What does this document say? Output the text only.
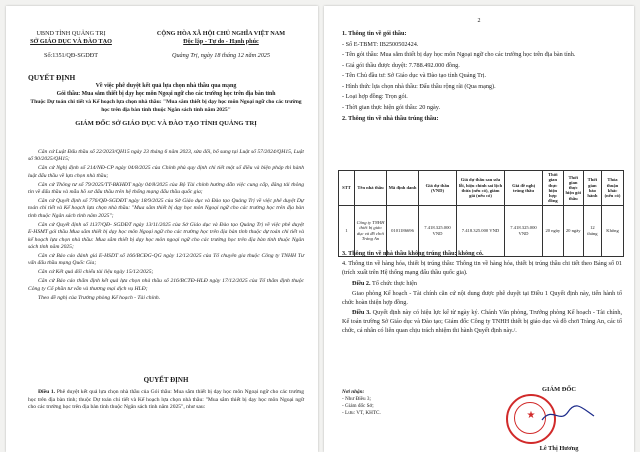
UBND TỈNH QUẢNG TRỊ
SỞ GIÁO DỤC VÀ ĐÀO TẠO
Số:1351/QĐ-SGDĐT
CỘNG HÒA XÃ HỘI CHỦ NGHĨA VIỆT NAM
Độc lập - Tự do - Hạnh phúc
Quảng Trị, ngày 18 tháng 12 năm 2025
QUYẾT ĐỊNH
Về việc phê duyệt kết quả lựa chọn nhà thầu qua mạng
Gói thầu: Mua sắm thiết bị dạy học môn Ngoại ngữ cho các trường học trên địa bàn tỉnh
Thuộc Dự toán chi tiết và Kế hoạch lựa chọn nhà thầu: "Mua sắm thiết bị dạy học môn Ngoại ngữ cho các trường học trên địa bàn tỉnh thuộc Ngân sách tỉnh năm 2025"
GIÁM ĐỐC SỞ GIÁO DỤC VÀ ĐÀO TẠO TỈNH QUẢNG TRỊ

Căn cứ Luật Đấu thầu số 22/2023/QH15 ngày 23 tháng 6 năm 2023, sửa đổi, bổ sung tại Luật số 57/2024/QH15, Luật số 90/2025/QH15;

Căn cứ Nghị định số 214/NĐ-CP ngày 04/8/2025 của Chính phủ quy định chi tiết một số điều và biện pháp thi hành luật đấu thầu về lựa chọn nhà thầu;

Căn cứ Thông tư số 79/2025/TT-BKHĐT ngày 04/8/2025 của Bộ Tài chính hướng dẫn việc cung cấp, đăng tải thông tin về đấu thầu và mẫu hồ sơ đấu thầu trên hệ thống mạng đấu thầu quốc gia;

Căn cứ Quyết định số 776/QĐ-SGDĐT ngày 18/9/2025 của Sở Giáo dục và Đào tạo Quảng Trị về việc phê duyệt Dự toán chi tiết và Kế hoạch lựa chọn nhà thầu: "Mua sắm thiết bị dạy học môn Ngoại ngữ cho các trường học trên địa bàn tỉnh thuộc Ngân sách tỉnh năm 2025";

Căn cứ Quyết định số 1137/QĐ- SGDĐT ngày 13/11/2025 của Sở Giáo dục và Đào tạo Quảng Trị về việc phê duyệt E-HSMT gói thầu Mua sắm thiết bị dạy học môn Ngoại ngữ cho các trường học trên địa bàn tỉnh thuộc dự toán chi tiết và kế hoạch lựa chọn nhà thầu: Mua sắm thiết bị dạy học môn ngoại ngữ cho các trường học trên địa bàn tỉnh thuộc Ngân sách tỉnh năm 2025;

Căn cứ Báo cáo đánh giá E-HSDT số 166/BCĐG-QG ngày 12/12/2025 của Tổ chuyên gia thuộc Công ty TNHH Tư vấn đấu thầu mạng Quốc Gia;

Căn cứ Kết quả đối chiếu tài liệu ngày 15/12/2025;

Căn cứ Báo cáo thẩm định kết quả lựa chọn nhà thầu số 216/BCTĐ-HLĐ ngày 17/12/2025 của Tổ thẩm định thuộc Công ty Cổ phần tư vấn và thương mại dịch vụ HLĐ;

Theo đề nghị của Trưởng phòng Kế hoạch - Tài chính.

QUYẾT ĐỊNH

Điều 1. Phê duyệt kết quả lựa chọn nhà thầu của Gói thầu: Mua sắm thiết bị dạy học môn Ngoại ngữ cho các trường học trên địa bàn tỉnh; thuộc Dự toán chi tiết và Kế hoạch lựa chọn nhà thầu: "Mua sắm thiết bị dạy học môn Ngoại ngữ cho các trường học trên địa bàn tỉnh thuộc Ngân sách tỉnh năm 2025", như sau:

2

1. Thông tin về gói thầu:

- Số E-TBMT: IB2500502424.

- Tên gói thầu: Mua sắm thiết bị dạy học môn Ngoại ngữ cho các trường học trên địa bàn tỉnh.

- Giá gói thầu được duyệt: 7.788.492.000 đồng.

- Tên Chủ đầu tư: Sở Giáo dục và Đào tạo tỉnh Quảng Trị.

- Hình thức lựa chọn nhà thầu: Đấu thầu rộng rãi (Qua mạng).

- Loại hợp đồng: Trọn gói.

- Thời gian thực hiện gói thầu: 20 ngày.

2. Thông tin về nhà thầu trúng thầu:

STT	Tên nhà thầu	Mã định danh	Giá dự thầu (VND)	Giá dự thầu sau sửa lỗi, hiệu chỉnh sai lệch thừa (nếu có), giảm giá (nếu có)	Giá đề nghị trúng thầu	Thời gian thực hiện hợp đồng	Thời gian thực hiện gói thầu	Thời gian bảo hành	Thỏa thuận khác (nếu có)
1	Công ty TNHH thiết bị giáo dục và đồ chơi Tràng An	0101186696	7.418.325.000 VND	7.418.325.000 VND	7.418.325.000 VND	20 ngày	20 ngày	12 tháng	Không

3. Thông tin về nhà thầu không trúng thầu: không có.

4. Thông tin về hàng hóa, thiết bị trúng thầu: Thông tin về hàng hóa, thiết bị trúng thầu chi tiết theo Bảng số 01 (trích xuất trên Hệ thống mạng đấu thầu quốc gia).

Điều 2. Tổ chức thực hiện

Giao phòng Kế hoạch - Tài chính căn cứ nội dung được phê duyệt tại Điều 1 Quyết định này, tiến hành tổ chức hoàn thiện hợp đồng.

Điều 3. Quyết định này có hiệu lực kể từ ngày ký. Chánh Văn phòng, Trưởng phòng Kế hoạch - Tài chính, Kế toán trường Sở Giáo dục và Đào tạo; Giám đốc Công ty TNHH thiết bị giáo dục và đồ chơi Tràng An, các tổ chức, cá nhân có liên quan chịu trách nhiệm thi hành Quyết định này./.

Nơi nhận:
- Như Điều 3;
- Giám đốc Sở;
- Lưu: VT, KHTC.
GIÁM ĐỐC
★
Lê Thị Hương
